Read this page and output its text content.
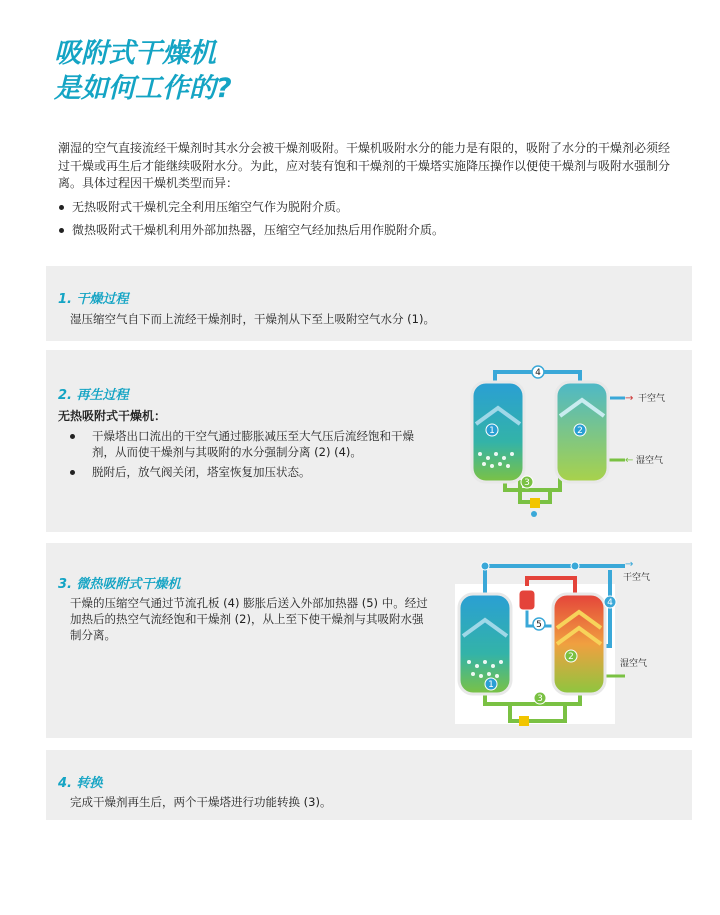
吸附式干燥机
是如何工作的?

潮湿的空气直接流经干燥剂时其水分会被干燥剂吸附。干燥机吸附水分的能力是有限的，吸附了水分的干燥剂必须经过干燥或再生后才能继续吸附水分。为此，应对装有饱和干燥剂的干燥塔实施降压操作以便使干燥剂与吸附水强制分离。具体过程因干燥机类型而异：

无热吸附式干燥机完全利用压缩空气作为脱附介质。
微热吸附式干燥机利用外部加热器，压缩空气经加热后用作脱附介质。
1. 干燥过程
湿压缩空气自下而上流经干燥剂时，干燥剂从下至上吸附空气水分 (1)。
2. 再生过程
无热吸附式干燥机：
干燥塔出口流出的干空气通过膨胀减压至大气压后流经饱和干燥剂，从而使干燥剂与其吸附的水分强制分离 (2) (4)。
脱附后，放气阀关闭，塔室恢复加压状态。
1	2
4
3
→ 干空气
← 湿空气
3. 微热吸附式干燥机
干燥的压缩空气通过节流孔板 (4) 膨胀后送入外部加热器 (5) 中。经过加热后的热空气流经饱和干燥剂 (2)，从上至下使干燥剂与其吸附水强制分离。
1
2
5
4
3
→
干空气
湿空气
4. 转换
完成干燥剂再生后，两个干燥塔进行功能转换 (3)。
